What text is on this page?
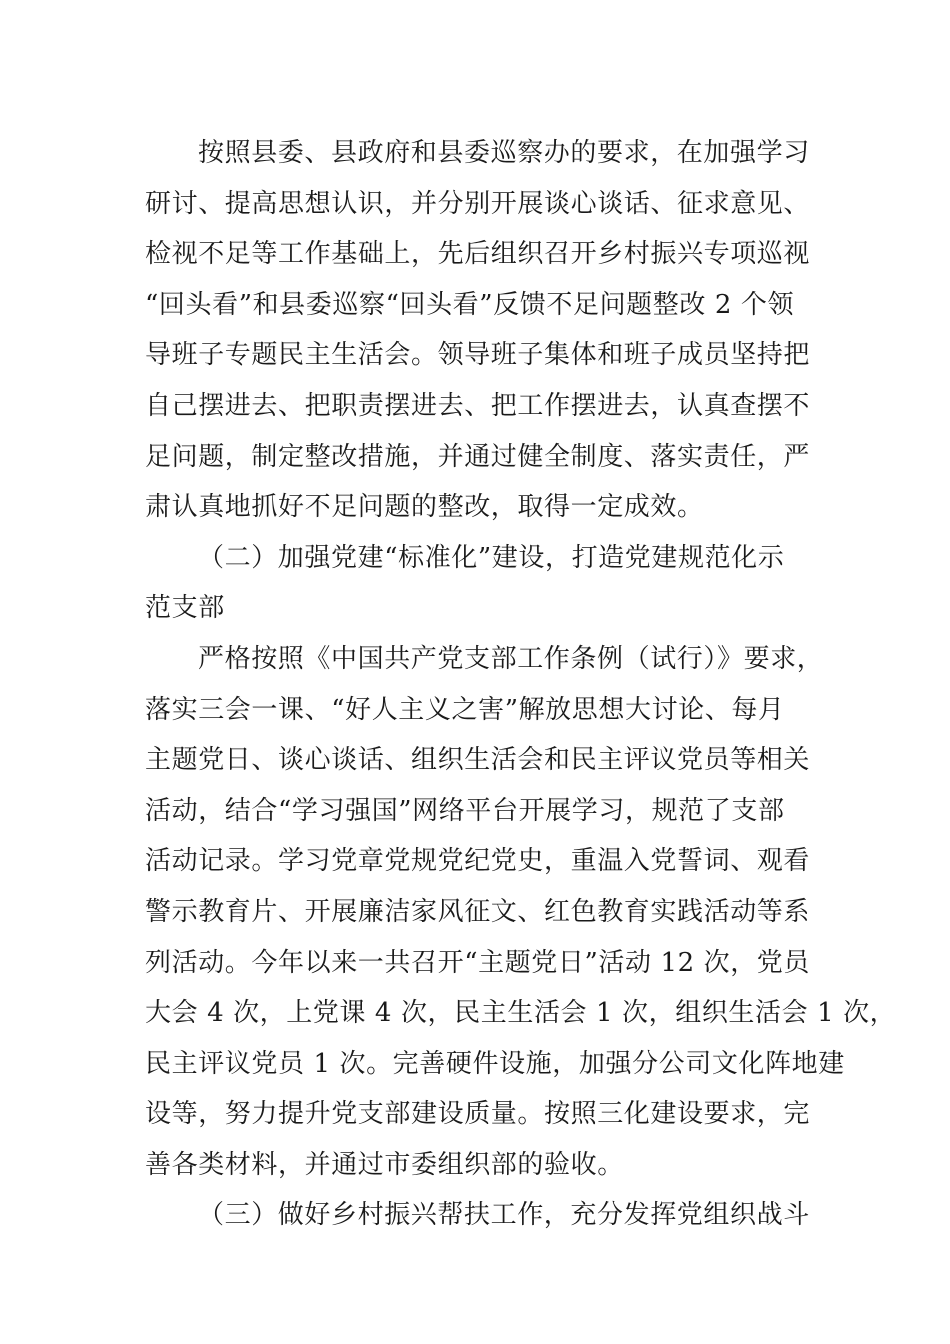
按照县委、县政府和县委巡察办的要求，在加强学习
研讨、提高思想认识，并分别开展谈心谈话、征求意见、
检视不足等工作基础上，先后组织召开乡村振兴专项巡视
“回头看”和县委巡察“回头看”反馈不足问题整改 2 个领
导班子专题民主生活会。领导班子集体和班子成员坚持把
自己摆进去、把职责摆进去、把工作摆进去，认真查摆不
足问题，制定整改措施，并通过健全制度、落实责任，严
肃认真地抓好不足问题的整改，取得一定成效。
（二）加强党建“标准化”建设，打造党建规范化示
范支部
严格按照《中国共产党支部工作条例（试行）》要求，
落实三会一课、“好人主义之害”解放思想大讨论、每月
主题党日、谈心谈话、组织生活会和民主评议党员等相关
活动，结合“学习强国”网络平台开展学习，规范了支部
活动记录。学习党章党规党纪党史，重温入党誓词、观看
警示教育片、开展廉洁家风征文、红色教育实践活动等系
列活动。今年以来一共召开“主题党日”活动 12 次，党员
大会 4 次，上党课 4 次，民主生活会 1 次，组织生活会 1 次，
民主评议党员 1 次。完善硬件设施，加强分公司文化阵地建
设等，努力提升党支部建设质量。按照三化建设要求，完
善各类材料，并通过市委组织部的验收。
（三）做好乡村振兴帮扶工作，充分发挥党组织战斗
